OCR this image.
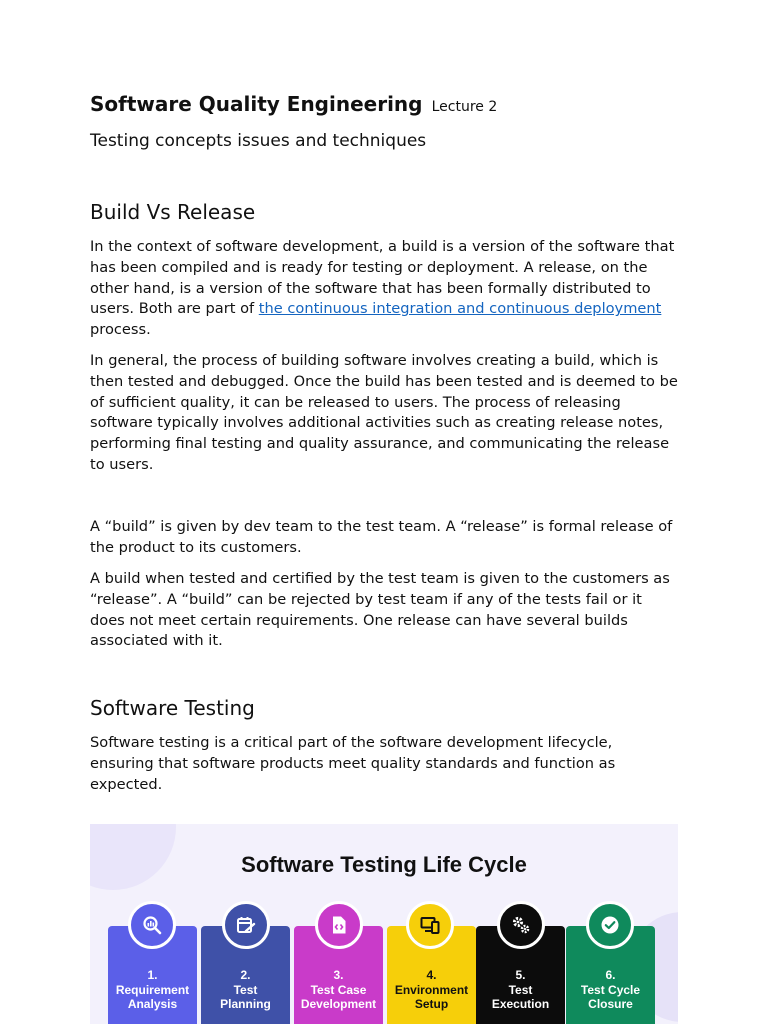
Software Quality Engineering Lecture 2
Testing concepts issues and techniques
Build Vs Release

In the context of software development, a build is a version of the software that has been compiled and is ready for testing or deployment. A release, on the other hand, is a version of the software that has been formally distributed to users. Both are part of the continuous integration and continuous deployment process.

In general, the process of building software involves creating a build, which is then tested and debugged. Once the build has been tested and is deemed to be of sufficient quality, it can be released to users. The process of releasing software typically involves additional activities such as creating release notes, performing final testing and quality assurance, and communicating the release to users.

A “build” is given by dev team to the test team. A “release” is formal release of the product to its customers.

A build when tested and certified by the test team is given to the customers as “release”. A “build” can be rejected by test team if any of the tests fail or it does not meet certain requirements. One release can have several builds associated with it.

Software Testing

Software testing is a critical part of the software development lifecycle, ensuring that software products meet quality standards and function as expected.

Software Testing Life Cycle
1.
Requirement
Analysis
2.
Test
Planning
3.
Test Case
Development
4.
Environment
Setup
5.
Test
Execution
6.
Test Cycle
Closure
